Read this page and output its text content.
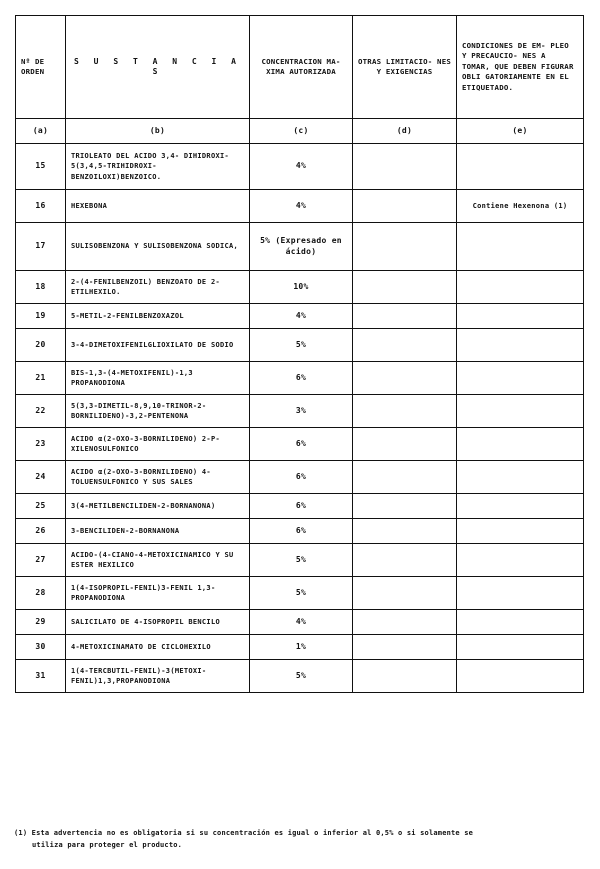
Nº DE ORDEN	S U S T A N C I A S	CONCENTRACION MA- XIMA AUTORIZADA	OTRAS LIMITACIO- NES Y EXIGENCIAS	CONDICIONES DE EM- PLEO Y PRECAUCIO- NES A TOMAR, QUE DEBEN FIGURAR OBLI GATORIAMENTE EN EL ETIQUETADO.
(a)	(b)	(c)	(d)	(e)
15	TRIOLEATO DEL ACIDO 3,4- DIHIDROXI-5(3,4,5-TRIHIDROXI- BENZOILOXI)BENZOICO.	4%		
16	HEXEBONA	4%		Contiene Hexenona (1)
17	SULISOBENZONA Y SULISOBENZONA SODICA,	5% (Expresado en ácido)		
18	2-(4-FENILBENZOIL) BENZOATO DE 2-ETILHEXILO.	10%		
19	5-METIL-2-FENILBENZOXAZOL	4%		
20	3-4-DIMETOXIFENILGLIOXILATO DE SODIO	5%		
21	BIS-1,3-(4-METOXIFENIL)-1,3 PROPANODIONA	6%		
22	5(3,3-DIMETIL-8,9,10-TRINOR-2- BORNILIDENO)-3,2-PENTENONA	3%		
23	ACIDO α(2-OXO-3-BORNILIDENO) 2-P-XILENOSULFONICO	6%		
24	ACIDO α(2-OXO-3-BORNILIDENO) 4-TOLUENSULFONICO Y SUS SALES	6%		
25	3(4-METILBENCILIDEN-2-BORNANONA)	6%		
26	3-BENCILIDEN-2-BORNANONA	6%		
27	ACIDO-(4-CIANO-4-METOXICINAMICO Y SU ESTER HEXILICO	5%		
28	1(4-ISOPROPIL-FENIL)3-FENIL 1,3-PROPANODIONA	5%		
29	SALICILATO DE 4-ISOPROPIL BENCILO	4%		
30	4-METOXICINAMATO DE CICLOHEXILO	1%		
31	1(4-TERCBUTIL-FENIL)-3(METOXI- FENIL)1,3,PROPANODIONA	5%		
(1) Esta advertencia no es obligatoria si su concentración es igual o inferior al 0,5% o si solamente se
utiliza para proteger el producto.
